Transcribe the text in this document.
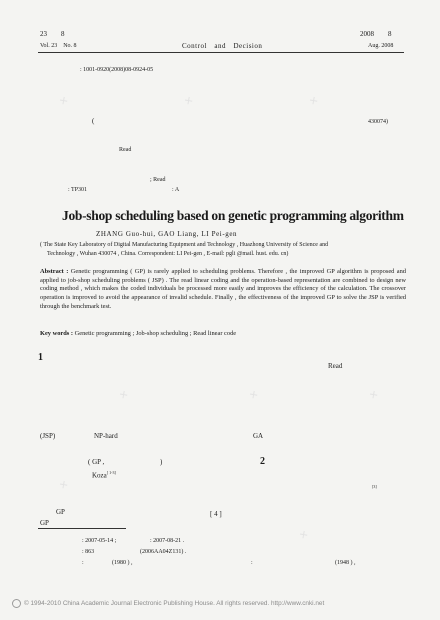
23　　8
Vol. 23　No. 8	Control　and　Decision
2008　　8
Aug. 2008
: 1001-0920(2008)08-0924-05
(	430074)
Read
; Read
: TP301	: A
Job-shop scheduling based on genetic programming algorithm
ZHANG Guo-hui, GAO Liang, LI Pei-gen
( The State Key Laboratory of Digital Manufacturing Equipment and Technology , Huazhong University of Science and
Technology , Wuhan 430074 , China. Correspondent: LI Pei-gen , E-mail: pgli @mail. hust. edu. cn)
Abstract : Genetic programming ( GP) is rarely applied to scheduling problems. Therefore , the improved GP algorithm is proposed and applied to job-shop scheduling problems ( JSP) . The read linear coding and the operation-based representation are combined to design new coding method , which makes the coded individuals be processed more easily and improves the efficiency of the calculation. The crossover operation is improved to avoid the appearance of invalid schedule. Finally , the effectiveness of the improved GP to solve the JSP is verified through the benchmark test.
Key words : Genetic programming ; Job-shop scheduling ; Read linear code
1
Read
(JSP)	NP-hard	GA
( GP ,	)	2
Koza[ 1-3]
[3]
[ 4 ]
GP
GP
: 2007-05-14 ;	: 2007-08-21 .
: 863	(2006AA04Z131) .
:	(1980 ) ,	:	(1948 ) ,
✕	✕	✕
✕	✕	✕
✕
✕
© 1994-2010 China Academic Journal Electronic Publishing House. All rights reserved. http://www.cnki.net
